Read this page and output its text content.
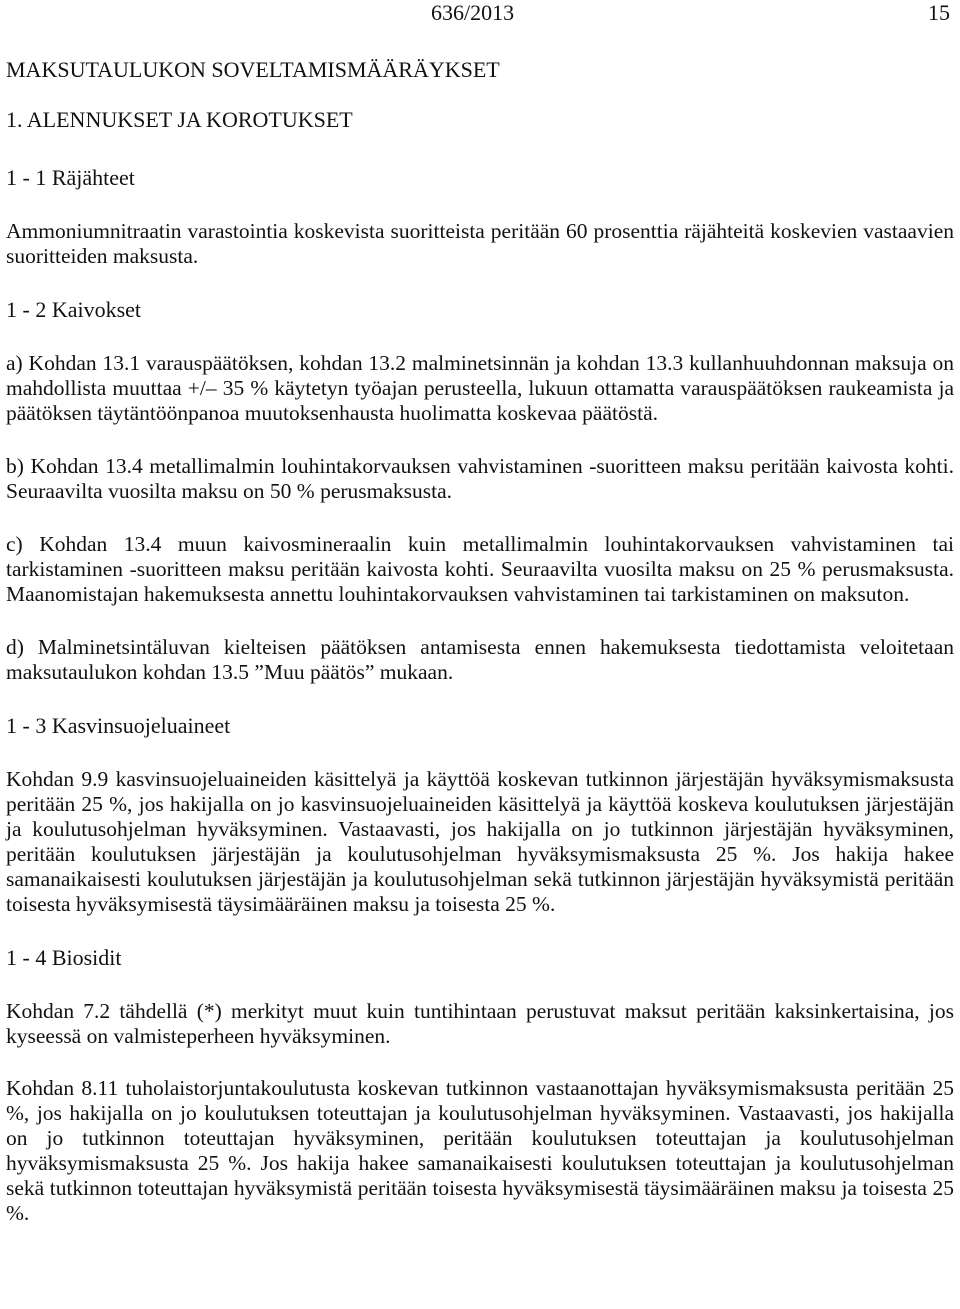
636/2013	15

MAKSUTAULUKON SOVELTAMISMÄÄRÄYKSET

1. ALENNUKSET JA KOROTUKSET

1 - 1 Räjähteet

Ammoniumnitraatin varastointia koskevista suoritteista peritään 60 prosenttia räjähteitä koskevien vastaavien suoritteiden maksusta.

1 - 2 Kaivokset

a) Kohdan 13.1 varauspäätöksen, kohdan 13.2 malminetsinnän ja kohdan 13.3 kullanhuuhdonnan maksuja on mahdollista muuttaa +/– 35 % käytetyn työajan perusteella, lukuun ottamatta varauspäätöksen raukeamista ja päätöksen täytäntöönpanoa muutoksenhausta huolimatta koskevaa päätöstä.

b) Kohdan 13.4 metallimalmin louhintakorvauksen vahvistaminen -suoritteen maksu peritään kaivosta kohti. Seuraavilta vuosilta maksu on 50 % perusmaksusta.

c) Kohdan 13.4 muun kaivosmineraalin kuin metallimalmin louhintakorvauksen vahvistaminen tai tarkistaminen -suoritteen maksu peritään kaivosta kohti. Seuraavilta vuosilta maksu on 25 % perusmaksusta. Maanomistajan hakemuksesta annettu louhintakorvauksen vahvistaminen tai tarkistaminen on maksuton.

d) Malminetsintäluvan kielteisen päätöksen antamisesta ennen hakemuksesta tiedottamista veloitetaan maksutaulukon kohdan 13.5 ”Muu päätös” mukaan.

1 - 3 Kasvinsuojeluaineet

Kohdan 9.9 kasvinsuojeluaineiden käsittelyä ja käyttöä koskevan tutkinnon järjestäjän hyväksymismaksusta peritään 25 %, jos hakijalla on jo kasvinsuojeluaineiden käsittelyä ja käyttöä koskeva koulutuksen järjestäjän ja koulutusohjelman hyväksyminen. Vastaavasti, jos hakijalla on jo tutkinnon järjestäjän hyväksyminen, peritään koulutuksen järjestäjän ja koulutusohjelman hyväksymismaksusta 25 %. Jos hakija hakee samanaikaisesti koulutuksen järjestäjän ja koulutusohjelman sekä tutkinnon järjestäjän hyväksymistä peritään toisesta hyväksymisestä täysimääräinen maksu ja toisesta 25 %.

1 - 4 Biosidit

Kohdan 7.2 tähdellä (*) merkityt muut kuin tuntihintaan perustuvat maksut peritään kaksinkertaisina, jos kyseessä on valmisteperheen hyväksyminen.

Kohdan 8.11 tuholaistorjuntakoulutusta koskevan tutkinnon vastaanottajan hyväksymismaksusta peritään 25 %, jos hakijalla on jo koulutuksen toteuttajan ja koulutusohjelman hyväksyminen. Vastaavasti, jos hakijalla on jo tutkinnon toteuttajan hyväksyminen, peritään koulutuksen toteuttajan ja koulutusohjelman hyväksymismaksusta 25 %. Jos hakija hakee samanaikaisesti koulutuksen toteuttajan ja koulutusohjelman sekä tutkinnon toteuttajan hyväksymistä peritään toisesta hyväksymisestä täysimääräinen maksu ja toisesta 25 %.
